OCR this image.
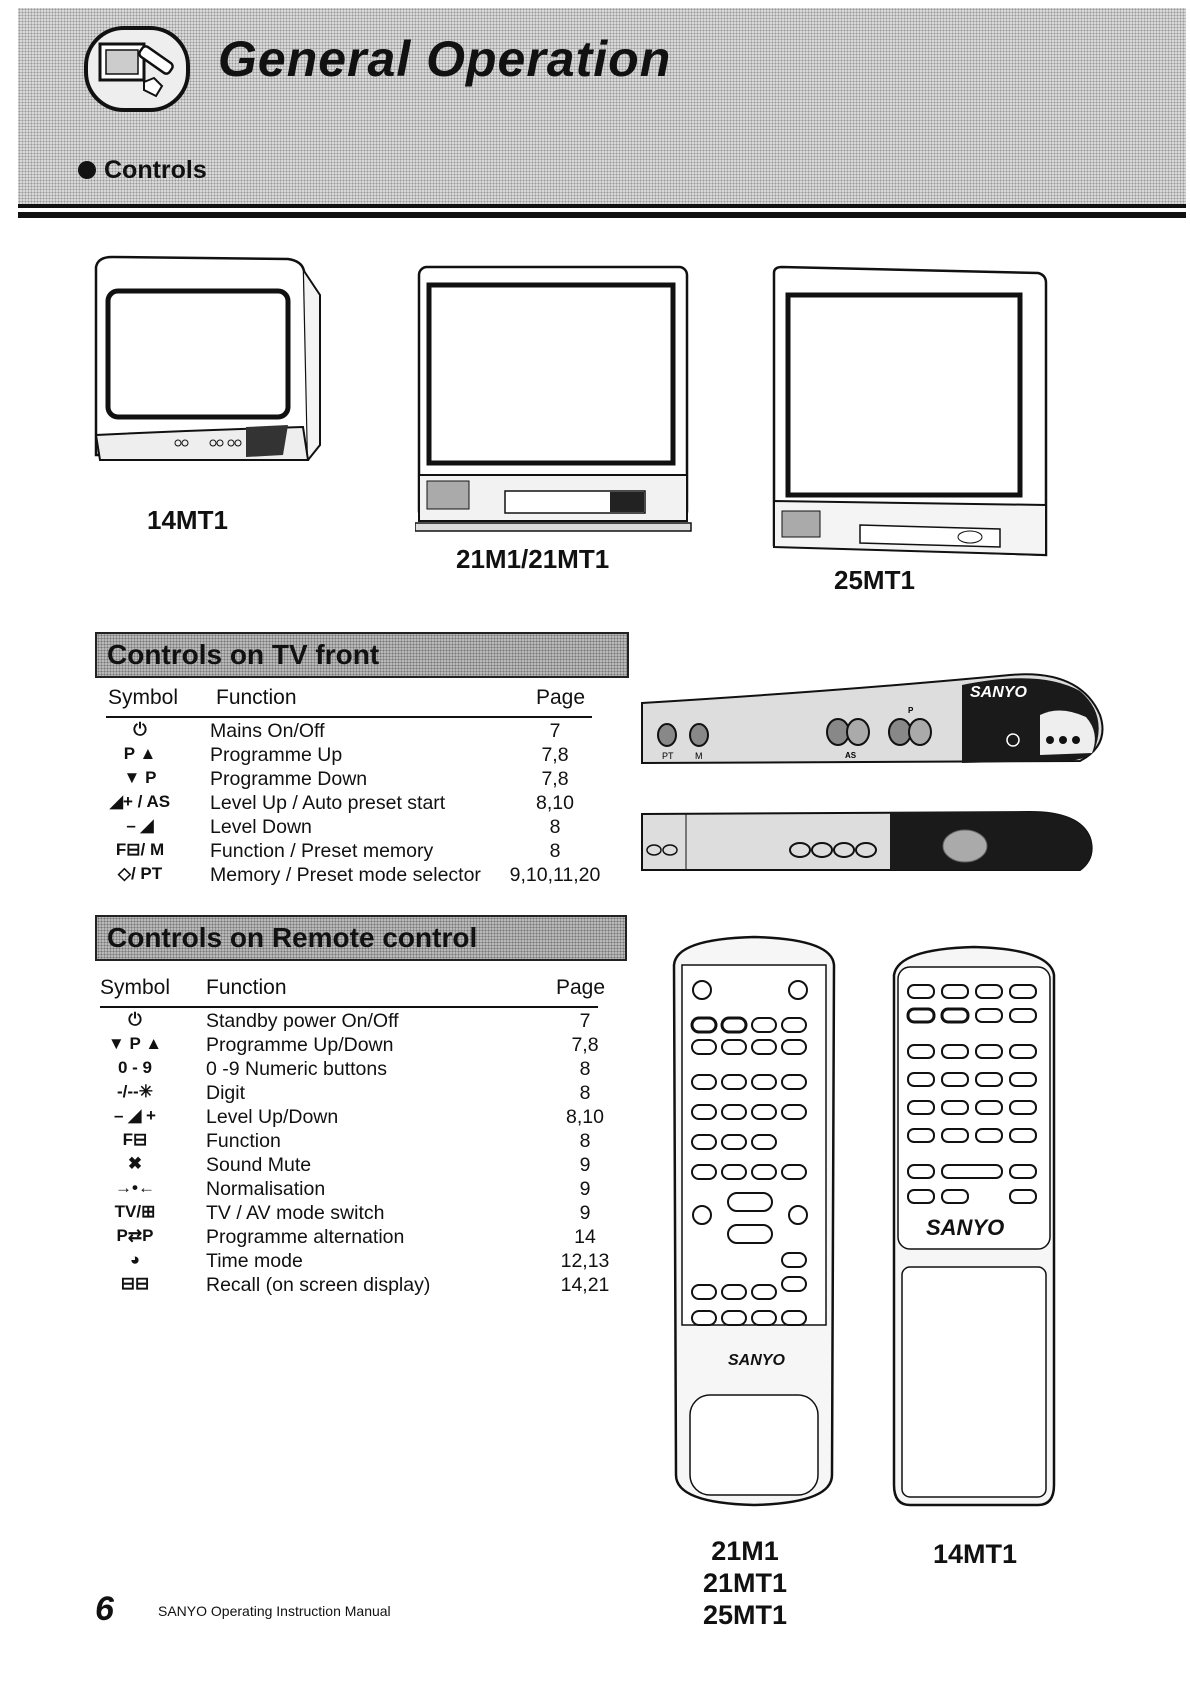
General Operation
Controls
14MT1
21M1/21MT1
25MT1
Controls on TV front
Symbol Function	Page
⏻	Mains On/Off	7
P ▲	Programme Up	7,8
▼ P	Programme Down	7,8
◢+ / AS	Level Up / Auto preset start	8,10
– ◢	Level Down	8
F⊟/ M	Function / Preset memory	8
◇/ PT	Memory / Preset mode selector	9,10,11,20
SANYO
PT M	AS
P
Controls on Remote control
Symbol Function	Page
⏻	Standby power On/Off	7
▼ P ▲	Programme Up/Down	7,8
0 - 9	0 -9 Numeric buttons	8
-/--✳	Digit	8
– ◢ +	Level Up/Down	8,10
F⊟	Function	8
✖	Sound Mute	9
→•←	Normalisation	9
TV/⊞	TV / AV mode switch	9
P⇄P	Programme alternation	14
◕	Time mode	12,13
⊟⊟	Recall (on screen display)	14,21
SANYO
SANYO
21M1
21MT1
25MT1
14MT1
6	SANYO Operating Instruction Manual
